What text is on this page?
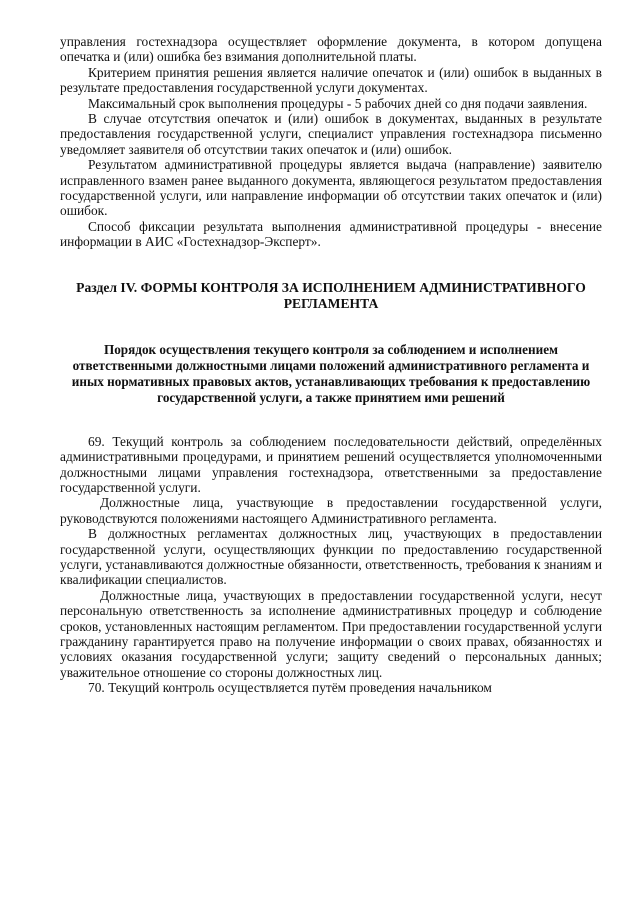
управления гостехнадзора осуществляет оформление документа, в котором допущена опечатка и (или) ошибка без взимания дополнительной платы.

Критерием принятия решения является наличие опечаток и (или) ошибок в выданных в результате предоставления государственной услуги документах.

Максимальный срок выполнения процедуры - 5 рабочих дней со дня подачи заявления.

В случае отсутствия опечаток и (или) ошибок в документах, выданных в результате предоставления государственной услуги, специалист управления гостехнадзора письменно уведомляет заявителя об отсутствии таких опечаток и (или) ошибок.

Результатом административной процедуры является выдача (направление) заявителю исправленного взамен ранее выданного документа, являющегося результатом предоставления государственной услуги, или направление информации об отсутствии таких опечаток и (или) ошибок.

Способ фиксации результата выполнения административной процедуры - внесение информации в АИС «Гостехнадзор-Эксперт».

Раздел IV. ФОРМЫ КОНТРОЛЯ ЗА ИСПОЛНЕНИЕМ АДМИНИСТРАТИВНОГО РЕГЛАМЕНТА
Порядок осуществления текущего контроля за соблюдением и исполнением ответственными должностными лицами положений административного регламента и иных нормативных правовых актов, устанавливающих требования к предоставлению государственной услуги, а также принятием ими решений

69. Текущий контроль за соблюдением последовательности действий, определённых административными процедурами, и принятием решений осуществляется уполномоченными должностными лицами управления гостехнадзора, ответственными за предоставление государственной услуги.

Должностные лица, участвующие в предоставлении государственной услуги, руководствуются положениями настоящего Административного регламента.

В должностных регламентах должностных лиц, участвующих в предоставлении государственной услуги, осуществляющих функции по предоставлению государственной услуги, устанавливаются должностные обязанности, ответственность, требования к знаниям и квалификации специалистов.

Должностные лица, участвующих в предоставлении государственной услуги, несут персональную ответственность за исполнение административных процедур и соблюдение сроков, установленных настоящим регламентом. При предоставлении государственной услуги гражданину гарантируется право на получение информации о своих правах, обязанностях и условиях оказания государственной услуги; защиту сведений о персональных данных; уважительное отношение со стороны должностных лиц.

70. Текущий контроль осуществляется путём проведения начальником
